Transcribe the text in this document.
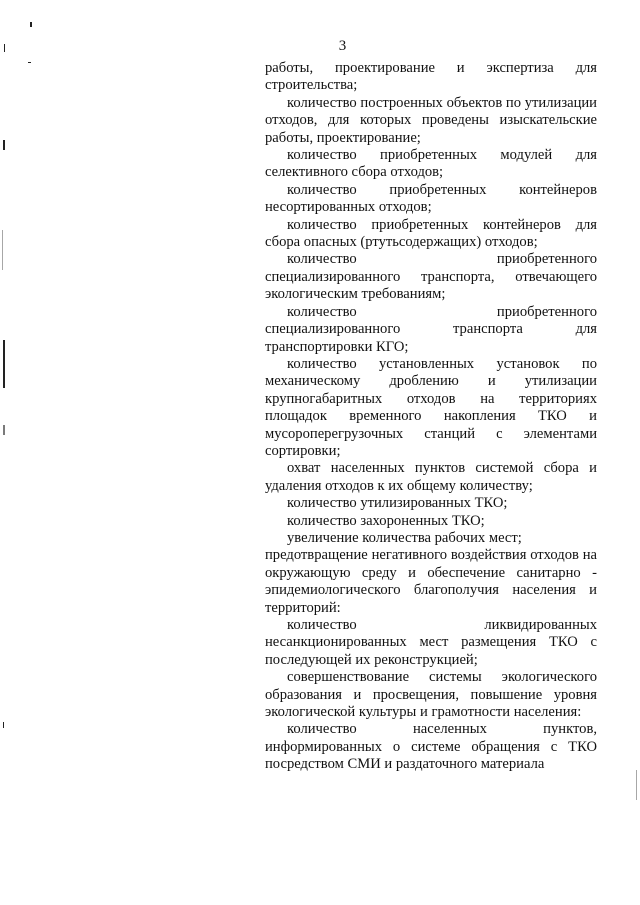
3

работы, проектирование и экспертиза для строительства;

количество построенных объектов по утилизации отходов, для которых проведены изыскательские работы, проектирование;

количество приобретенных модулей для селективного сбора отходов;

количество приобретенных контейнеров несортированных отходов;

количество приобретенных контейнеров для сбора опасных (ртутьсодержащих) отходов;

количество приобретенного специализированного транспорта, отвечающего экологическим требованиям;

количество приобретенного специализированного транспорта для транспортировки КГО;

количество установленных установок по механическому дроблению и утилизации крупногабаритных отходов на территориях площадок временного накопления ТКО и мусороперегрузочных станций с элементами сортировки;

охват населенных пунктов системой сбора и удаления отходов к их общему количеству;

количество утилизированных ТКО;

количество захороненных ТКО;

увеличение количества рабочих мест;

предотвращение негативного воздействия отходов на окружающую среду и обеспечение санитарно - эпидемиологического благополучия населения и территорий:

количество ликвидированных несанкционированных мест размещения ТКО с последующей их реконструкцией;

совершенствование системы экологического образования и просвещения, повышение уровня экологической культуры и грамотности населения:

количество населенных пунктов, информированных о системе обращения с ТКО посредством СМИ и раздаточного материала
